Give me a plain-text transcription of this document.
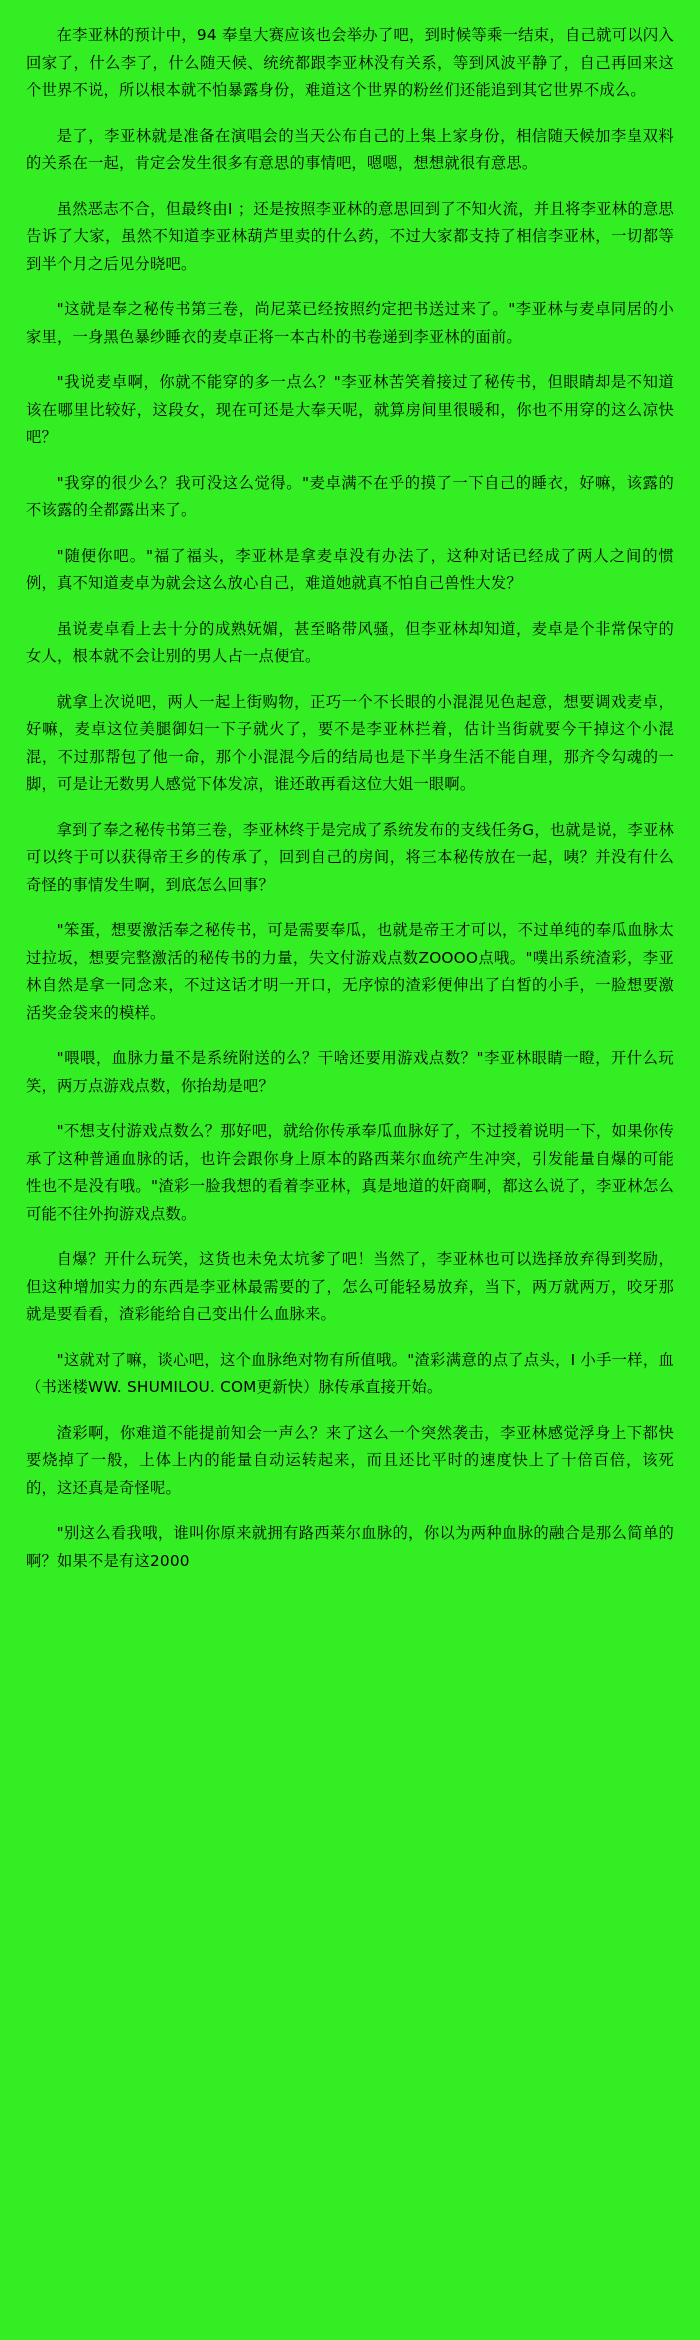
在李亚林的预计中，94 奉皇大赛应该也会举办了吧，到时候等乘一结束，自己就可以闪入回家了，什么李了，什么随天候、统统都跟李亚林没有关系，等到风波平静了，自己再回来这个世界不说，所以根本就不怕暴露身份，难道这个世界的粉丝们还能追到其它世界不成么。

是了，李亚林就是准备在演唱会的当天公布自己的上集上家身份，相信随天候加李皇双料的关系在一起，肯定会发生很多有意思的事情吧，嗯嗯，想想就很有意思。

虽然恶志不合，但最终由I ；还是按照李亚林的意思回到了不知火流，并且将李亚林的意思告诉了大家，虽然不知道李亚林葫芦里卖的什么药，不过大家都支持了相信李亚林，一切都等到半个月之后见分晓吧。

"这就是奉之秘传书第三卷，尚尼菜已经按照约定把书送过来了。"李亚林与麦卓同居的小家里，一身黑色暴纱睡衣的麦卓正将一本古朴的书卷递到李亚林的面前。

"我说麦卓啊，你就不能穿的多一点么？"李亚林苦笑着接过了秘传书，但眼睛却是不知道该在哪里比较好，这段女，现在可还是大奉天呢，就算房间里很暖和，你也不用穿的这么凉快吧？

"我穿的很少么？我可没这么觉得。"麦卓满不在乎的摸了一下自己的睡衣，好嘛，该露的不该露的全都露出来了。

"随便你吧。"福了福头，李亚林是拿麦卓没有办法了，这种对话已经成了两人之间的惯例，真不知道麦卓为就会这么放心自己，难道她就真不怕自己兽性大发？

虽说麦卓看上去十分的成熟妩媚，甚至略带风骚，但李亚林却知道，麦卓是个非常保守的女人，根本就不会让别的男人占一点便宜。

就拿上次说吧，两人一起上街购物，正巧一个不长眼的小混混见色起意，想要调戏麦卓，好嘛，麦卓这位美腿御妇一下子就火了，要不是李亚林拦着，估计当街就要今干掉这个小混混，不过那帮包了他一命，那个小混混今后的结局也是下半身生活不能自理，那齐令勾魂的一脚，可是让无数男人感觉下体发凉，谁还敢再看这位大姐一眼啊。

拿到了奉之秘传书第三卷，李亚林终于是完成了系统发布的支线任务G，也就是说，李亚林可以终于可以获得帝王乡的传承了，回到自己的房间，将三本秘传放在一起，咦？并没有什么奇怪的事情发生啊，到底怎么回事？

"笨蛋，想要激活奉之秘传书，可是需要奉瓜，也就是帝王才可以，不过单纯的奉瓜血脉太过拉坂，想要完整激活的秘传书的力量，失文付游戏点数ZOOOO点哦。"噗出系统渣彩，李亚林自然是拿一同念来，不过这话才明一开口，无序惊的渣彩便伸出了白皙的小手，一脸想要激活奖金袋来的模样。

"喂喂，血脉力量不是系统附送的么？干啥还要用游戏点数？"李亚林眼睛一瞪，开什么玩笑，两万点游戏点数，你抬劫是吧？

"不想支付游戏点数么？那好吧，就给你传承奉瓜血脉好了，不过授着说明一下，如果你传承了这种普通血脉的话，也许会跟你身上原本的路西莱尔血统产生冲突，引发能量自爆的可能性也不是没有哦。"渣彩一脸我想的看着李亚林，真是地道的奸商啊，都这么说了，李亚林怎么可能不往外拘游戏点数。

自爆？开什么玩笑，这货也未免太坑爹了吧！当然了，李亚林也可以选择放弃得到奖励，但这种增加实力的东西是李亚林最需要的了，怎么可能轻易放弃，当下，两万就两万，咬牙那就是要看看，渣彩能给自己变出什么血脉来。

"这就对了嘛，谈心吧，这个血脉绝对物有所值哦。"渣彩满意的点了点头，I 小手一样，血（书迷楼WW. SHUMILOU. COM更新快）脉传承直接开始。

渣彩啊，你难道不能提前知会一声么？来了这么一个突然袭击，李亚林感觉浮身上下都快要烧掉了一般，上体上内的能量自动运转起来，而且还比平时的速度快上了十倍百倍，该死的，这还真是奇怪呢。

"别这么看我哦，谁叫你原来就拥有路西莱尔血脉的，你以为两种血脉的融合是那么简单的啊？如果不是有这2000
